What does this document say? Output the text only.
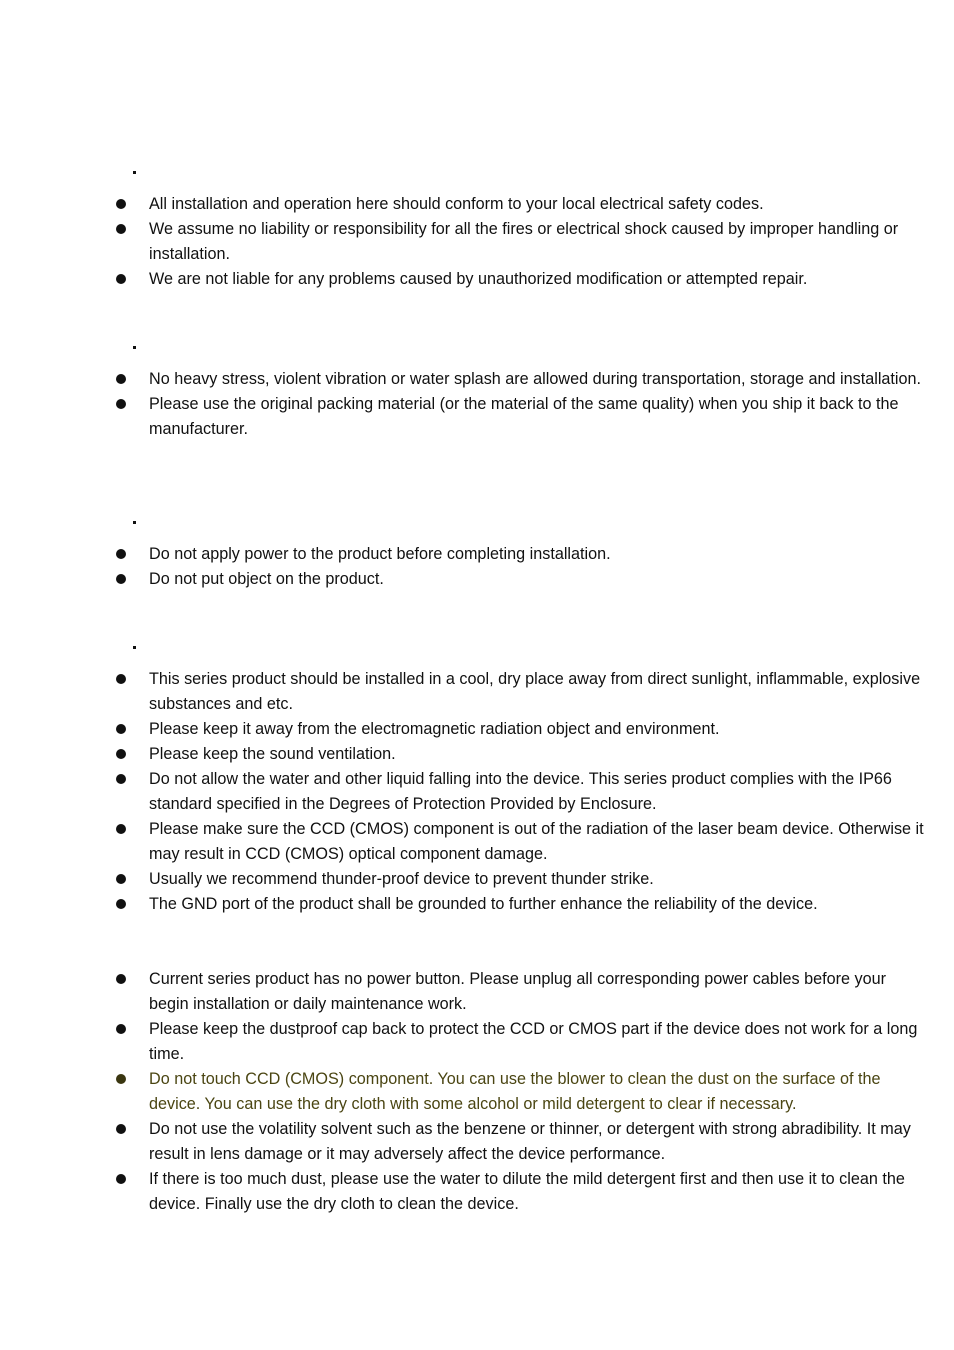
All installation and operation here should conform to your local electrical safety codes.
We assume no liability or responsibility for all the fires or electrical shock caused by improper handling or installation.
We are not liable for any problems caused by unauthorized modification or attempted repair.
No heavy stress, violent vibration or water splash are allowed during transportation, storage and installation.
Please use the original packing material (or the material of the same quality) when you ship it back to the manufacturer.
Do not apply power to the product before completing installation.
Do not put object on the product.
This series product should be installed in a cool, dry place away from direct sunlight, inflammable, explosive substances and etc.
Please keep it away from the electromagnetic radiation object and environment.
Please keep the sound ventilation.
Do not allow the water and other liquid falling into the device. This series product complies with the IP66 standard specified in the Degrees of Protection Provided by Enclosure.
Please make sure the CCD (CMOS) component is out of the radiation of the laser beam device. Otherwise it may result in CCD (CMOS) optical component damage.
Usually we recommend thunder-proof device to prevent thunder strike.
The GND port of the product shall be grounded to further enhance the reliability of the device.
Current series product has no power button. Please unplug all corresponding power cables before your begin installation or daily maintenance work.
Please keep the dustproof cap back to protect the CCD or CMOS part if the device does not work for a long time.
Do not touch CCD (CMOS) component. You can use the blower to clean the dust on the surface of the device. You can use the dry cloth with some alcohol or mild detergent to clear if necessary.
Do not use the volatility solvent such as the benzene or thinner, or detergent with strong abradibility. It may result in lens damage or it may adversely affect the device performance.
If there is too much dust, please use the water to dilute the mild detergent first and then use it to clean the device. Finally use the dry cloth to clean the device.
